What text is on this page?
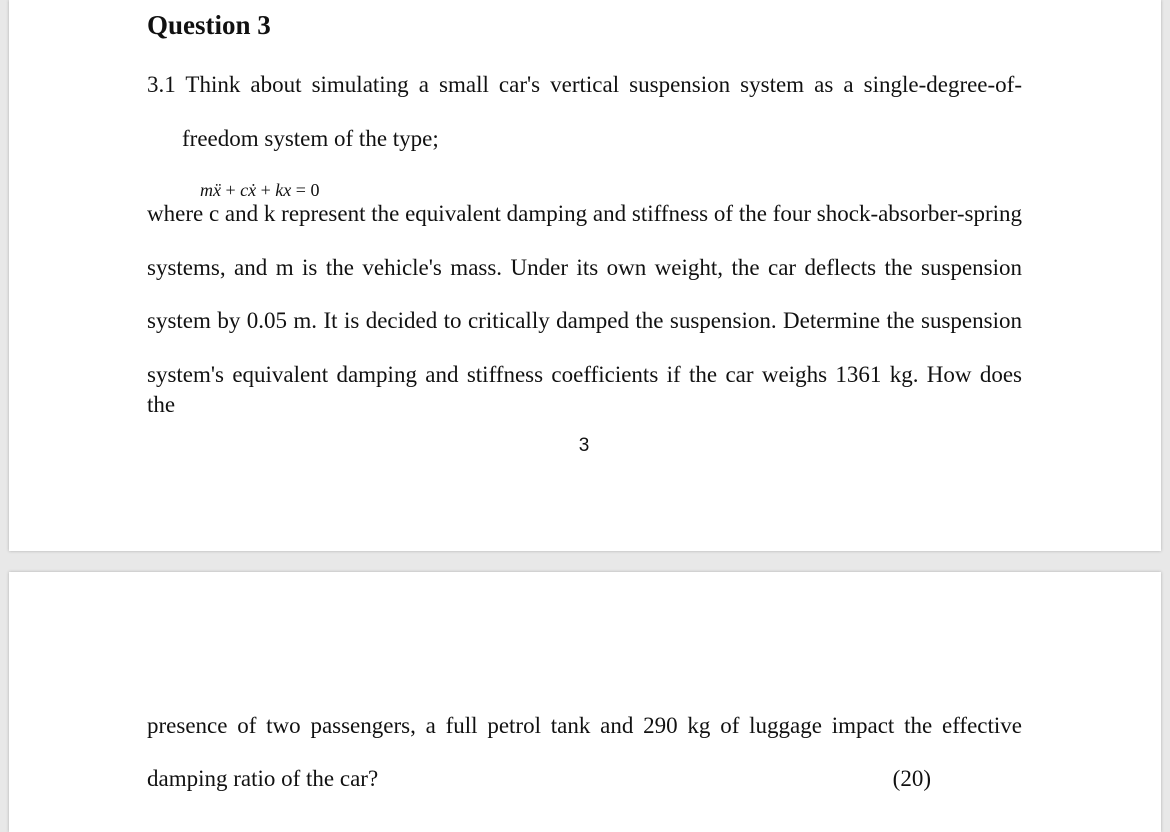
Question 3
3.1 Think about simulating a small car's vertical suspension system as a single-degree-of-
freedom system of the type;
mẍ + cẋ + kx = 0
where c and k represent the equivalent damping and stiffness of the four shock-absorber-spring
systems, and m is the vehicle's mass. Under its own weight, the car deflects the suspension
system by 0.05 m. It is decided to critically damped the suspension. Determine the suspension
system's equivalent damping and stiffness coefficients if the car weighs 1361 kg. How does the
3
presence of two passengers, a full petrol tank and 290 kg of luggage impact the effective
damping ratio of the car?	(20)
